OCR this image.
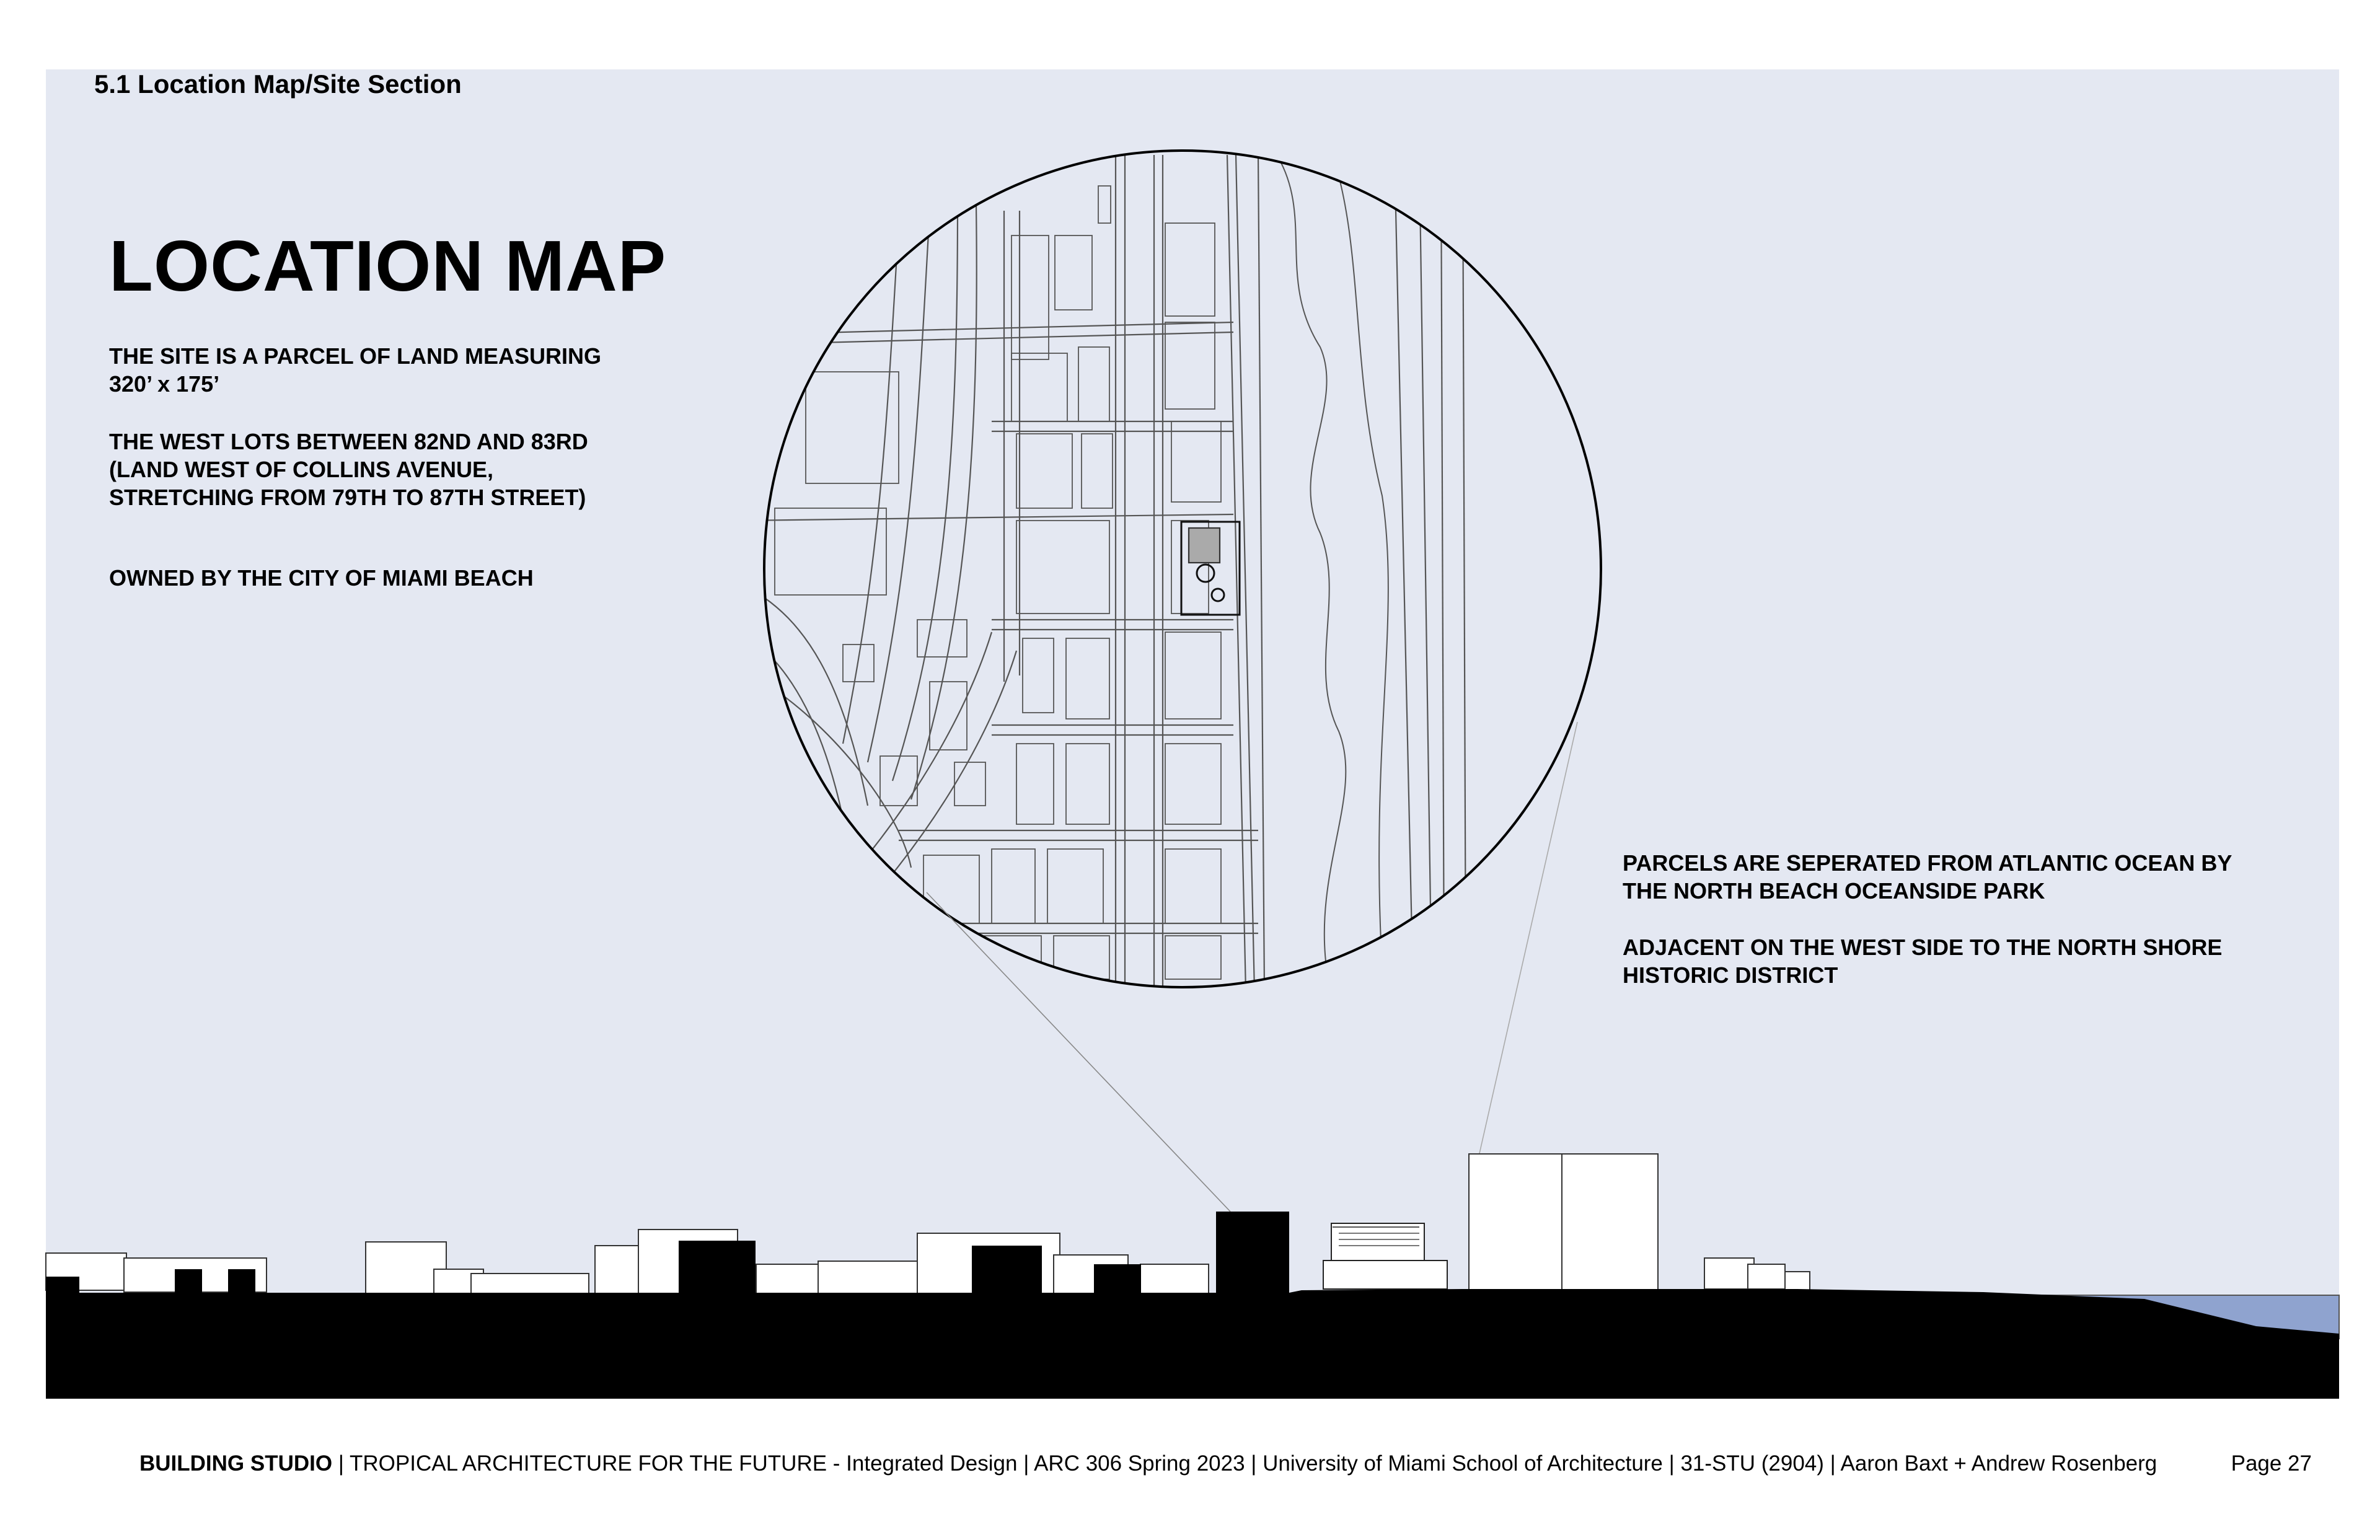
5.1 Location Map/Site Section
LOCATION MAP

THE SITE IS A PARCEL OF LAND MEASURING
320’ x 175’

THE WEST LOTS BETWEEN 82ND AND 83RD
(LAND WEST OF COLLINS AVENUE,
STRETCHING FROM 79TH TO 87TH STREET)

OWNED BY THE CITY OF MIAMI BEACH

PARCELS ARE SEPERATED FROM ATLANTIC OCEAN BY
THE NORTH BEACH OCEANSIDE PARK

ADJACENT ON THE WEST SIDE TO THE NORTH SHORE
HISTORIC DISTRICT

BUILDING STUDIO | TROPICAL ARCHITECTURE FOR THE FUTURE - Integrated Design | ARC 306 Spring 2023 | University of Miami School of Architecture | 31-STU (2904) | Aaron Baxt + Andrew Rosenberg	Page 27
